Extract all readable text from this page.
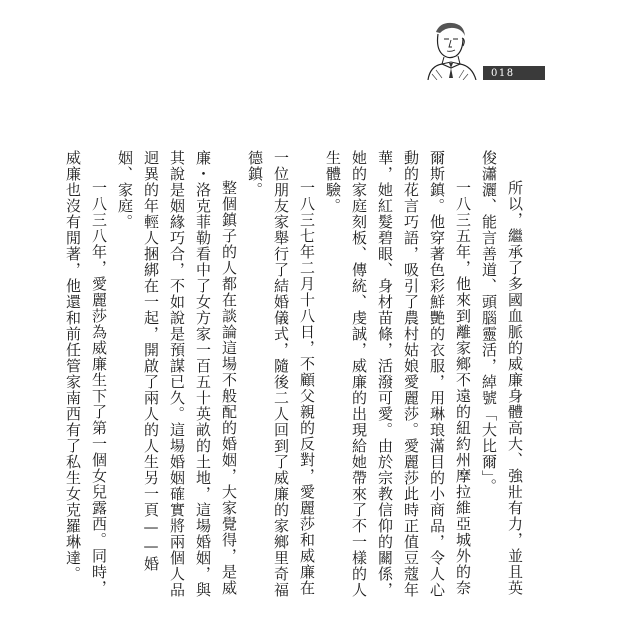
018

所以，繼承了多國血脈的威廉身體高大、強壯有力，並且英俊瀟灑、能言善道、頭腦靈活，綽號「大比爾」。

一八三五年，他來到離家鄉不遠的紐約州摩拉維亞城外的奈爾斯鎮。他穿著色彩鮮艷的衣服，用琳琅滿目的小商品，令人心動的花言巧語，吸引了農村姑娘愛麗莎。愛麗莎此時正值豆蔻年華，她紅髮碧眼、身材苗條，活潑可愛。由於宗教信仰的關係，她的家庭刻板、傳統、虔誠，威廉的出現給她帶來了不一樣的人生體驗。

一八三七年二月十八日，不顧父親的反對，愛麗莎和威廉在一位朋友家舉行了結婚儀式，隨後二人回到了威廉的家鄉里奇福德鎮。

整個鎮子的人都在談論這場不般配的婚姻，大家覺得，是威廉・洛克菲勒看中了女方家一百五十英畝的土地，這場婚姻，與其說是姻緣巧合，不如說是預謀已久。這場婚姻確實將兩個人品迥異的年輕人捆綁在一起，開啟了兩人的人生另一頁——婚姻、家庭。

一八三八年，愛麗莎為威廉生下了第一個女兒露西。同時，威廉也沒有閒著，他還和前任管家南西有了私生女克羅琳達。
